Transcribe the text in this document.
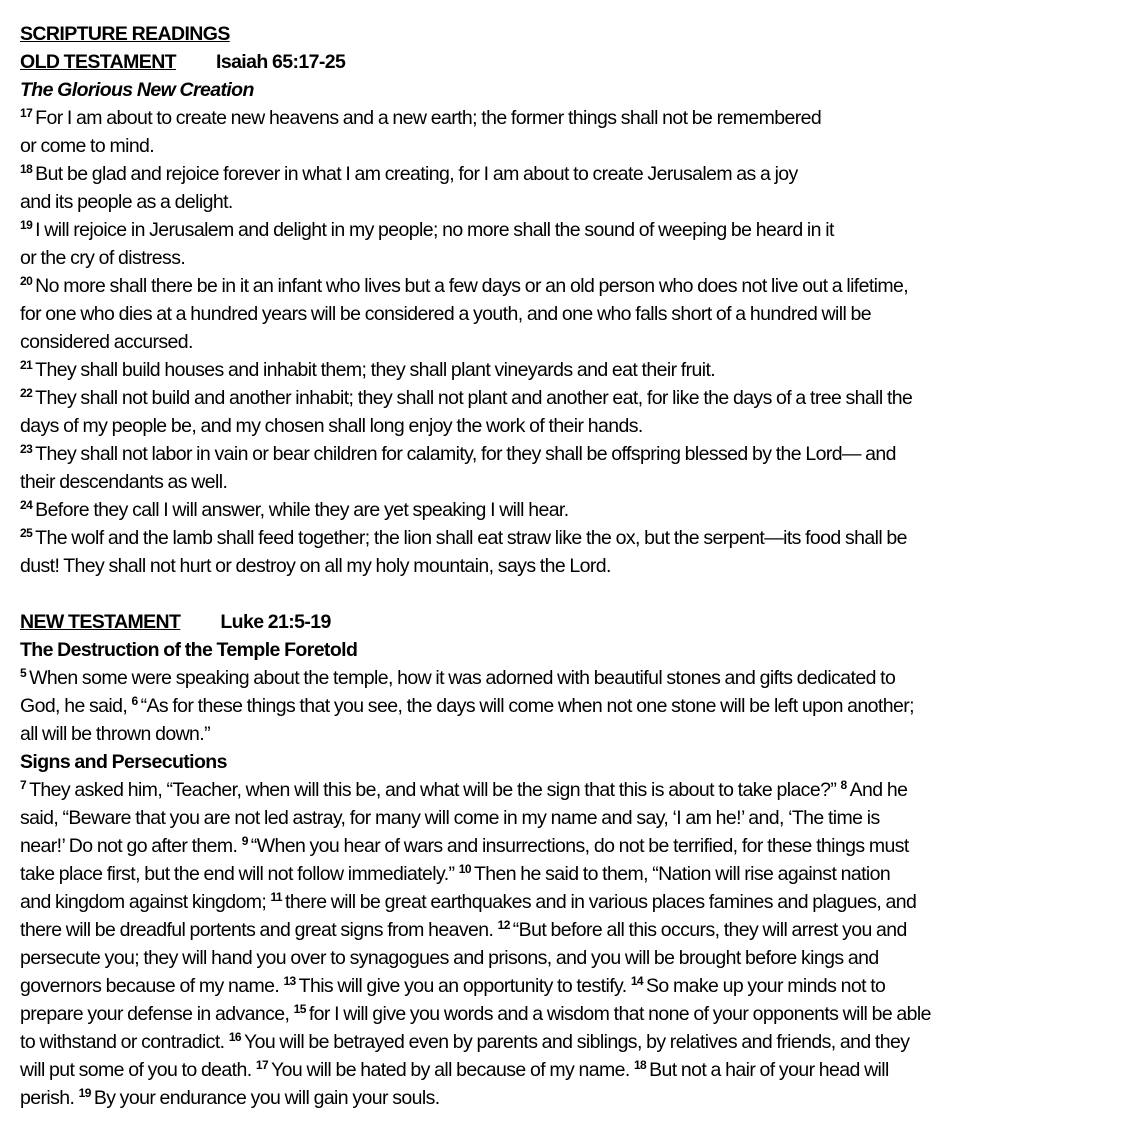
SCRIPTURE READINGS
OLD TESTAMENT Isaiah 65:17-25
The Glorious New Creation
$^{17}$ For I am about to create new heavens and a new earth; the former things shall not be remembered
or come to mind.
$^{18}$ But be glad and rejoice forever in what I am creating, for I am about to create Jerusalem as a joy
and its people as a delight.
$^{19}$ I will rejoice in Jerusalem and delight in my people; no more shall the sound of weeping be heard in it
or the cry of distress.
$^{20}$ No more shall there be in it an infant who lives but a few days or an old person who does not live out a lifetime,
for one who dies at a hundred years will be considered a youth, and one who falls short of a hundred will be
considered accursed.
$^{21}$ They shall build houses and inhabit them; they shall plant vineyards and eat their fruit.
$^{22}$ They shall not build and another inhabit; they shall not plant and another eat, for like the days of a tree shall the
days of my people be, and my chosen shall long enjoy the work of their hands.
$^{23}$ They shall not labor in vain or bear children for calamity, for they shall be offspring blessed by the Lord— and
their descendants as well.
$^{24}$ Before they call I will answer, while they are yet speaking I will hear.
$^{25}$ The wolf and the lamb shall feed together; the lion shall eat straw like the ox, but the serpent—its food shall be
dust! They shall not hurt or destroy on all my holy mountain, says the Lord.
NEW TESTAMENT Luke 21:5-19
The Destruction of the Temple Foretold
$^5$ When some were speaking about the temple, how it was adorned with beautiful stones and gifts dedicated to
God, he said, $^6$ “As for these things that you see, the days will come when not one stone will be left upon another;
all will be thrown down.”
Signs and Persecutions
$^7$ They asked him, “Teacher, when will this be, and what will be the sign that this is about to take place?” $^8$ And he
said, “Beware that you are not led astray, for many will come in my name and say, ‘I am he!’ and, ‘The time is
near!’ Do not go after them. $^9$ “When you hear of wars and insurrections, do not be terrified, for these things must
take place first, but the end will not follow immediately.” $^{10}$ Then he said to them, “Nation will rise against nation
and kingdom against kingdom; $^{11}$ there will be great earthquakes and in various places famines and plagues, and
there will be dreadful portents and great signs from heaven. $^{12}$ “But before all this occurs, they will arrest you and
persecute you; they will hand you over to synagogues and prisons, and you will be brought before kings and
governors because of my name. $^{13}$ This will give you an opportunity to testify. $^{14}$ So make up your minds not to
prepare your defense in advance, $^{15}$ for I will give you words and a wisdom that none of your opponents will be able
to withstand or contradict. $^{16}$ You will be betrayed even by parents and siblings, by relatives and friends, and they
will put some of you to death. $^{17}$ You will be hated by all because of my name. $^{18}$ But not a hair of your head will
perish. $^{19}$ By your endurance you will gain your souls.
